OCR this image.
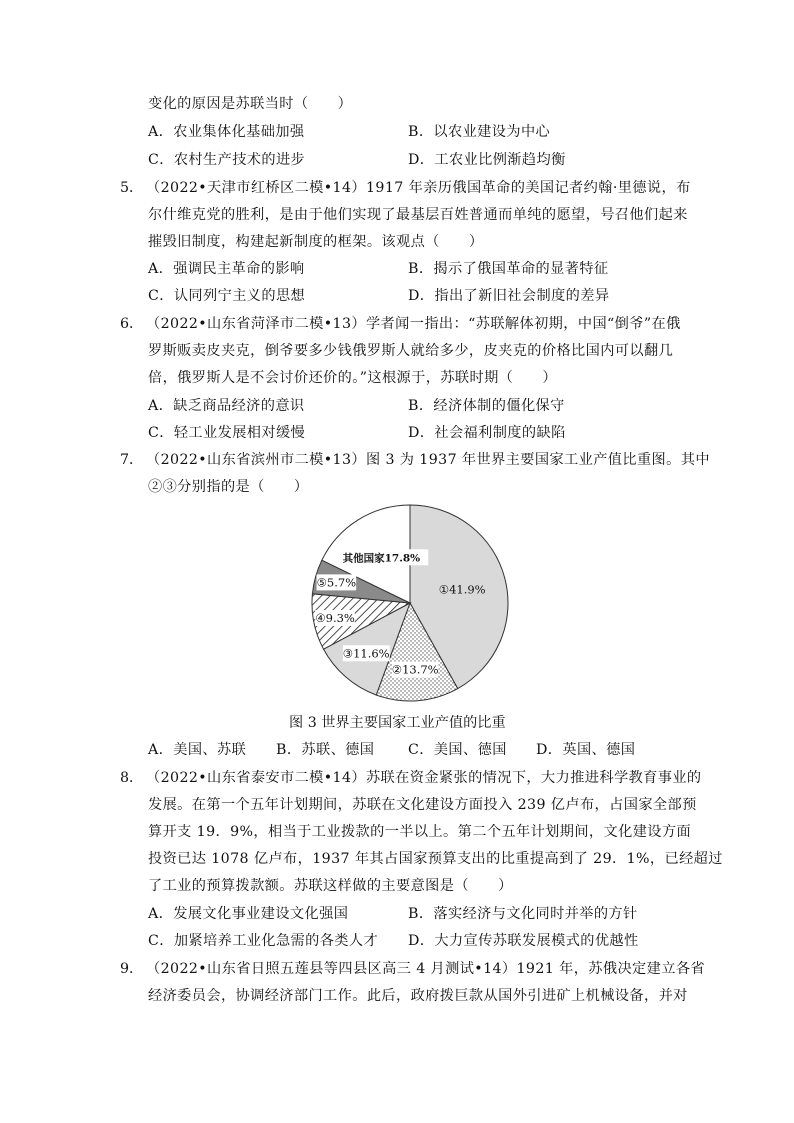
变化的原因是苏联当时（　　）
A．农业集体化基础加强	B．以农业建设为中心
C．农村生产技术的进步	D．工农业比例渐趋均衡
5． （2022•天津市红桥区二模•14）1917 年亲历俄国革命的美国记者约翰·里德说，布
尔什维克党的胜利，是由于他们实现了最基层百姓普通而单纯的愿望，号召他们起来
摧毁旧制度，构建起新制度的框架。该观点（　　）
A．强调民主革命的影响	B．揭示了俄国革命的显著特征
C．认同列宁主义的思想	D．指出了新旧社会制度的差异
6． （2022•山东省菏泽市二模•13）学者闻一指出：“苏联解体初期，中国“倒爷”在俄
罗斯贩卖皮夹克，倒爷要多少钱俄罗斯人就给多少，皮夹克的价格比国内可以翻几
倍，俄罗斯人是不会讨价还价的。”这根源于，苏联时期（　　）
A．缺乏商品经济的意识	B．经济体制的僵化保守
C．轻工业发展相对缓慢	D．社会福利制度的缺陷
7． （2022•山东省滨州市二模•13）图 3 为 1937 年世界主要国家工业产值比重图。其中
②③分别指的是（　　）
①41.9%
②13.7%
③11.6%
④9.3%
⑤5.7%
其他国家17.8%
图 3 世界主要国家工业产值的比重
A．美国、苏联 B．苏联、德国 C．美国、德国 D．英国、德国
8． （2022•山东省泰安市二模•14）苏联在资金紧张的情况下，大力推进科学教育事业的
发展。在第一个五年计划期间，苏联在文化建设方面投入 239 亿卢布，占国家全部预
算开支 19．9%，相当于工业拨款的一半以上。第二个五年计划期间，文化建设方面
投资已达 1078 亿卢布，1937 年其占国家预算支出的比重提高到了 29．1%，已经超过
了工业的预算拨款额。苏联这样做的主要意图是（　　）
A．发展文化事业建设文化强国	B．落实经济与文化同时并举的方针
C．加紧培养工业化急需的各类人才 D．大力宣传苏联发展模式的优越性
9． （2022•山东省日照五莲县等四县区高三 4 月测试•14）1921 年，苏俄决定建立各省
经济委员会，协调经济部门工作。此后，政府拨巨款从国外引进矿上机械设备，并对
